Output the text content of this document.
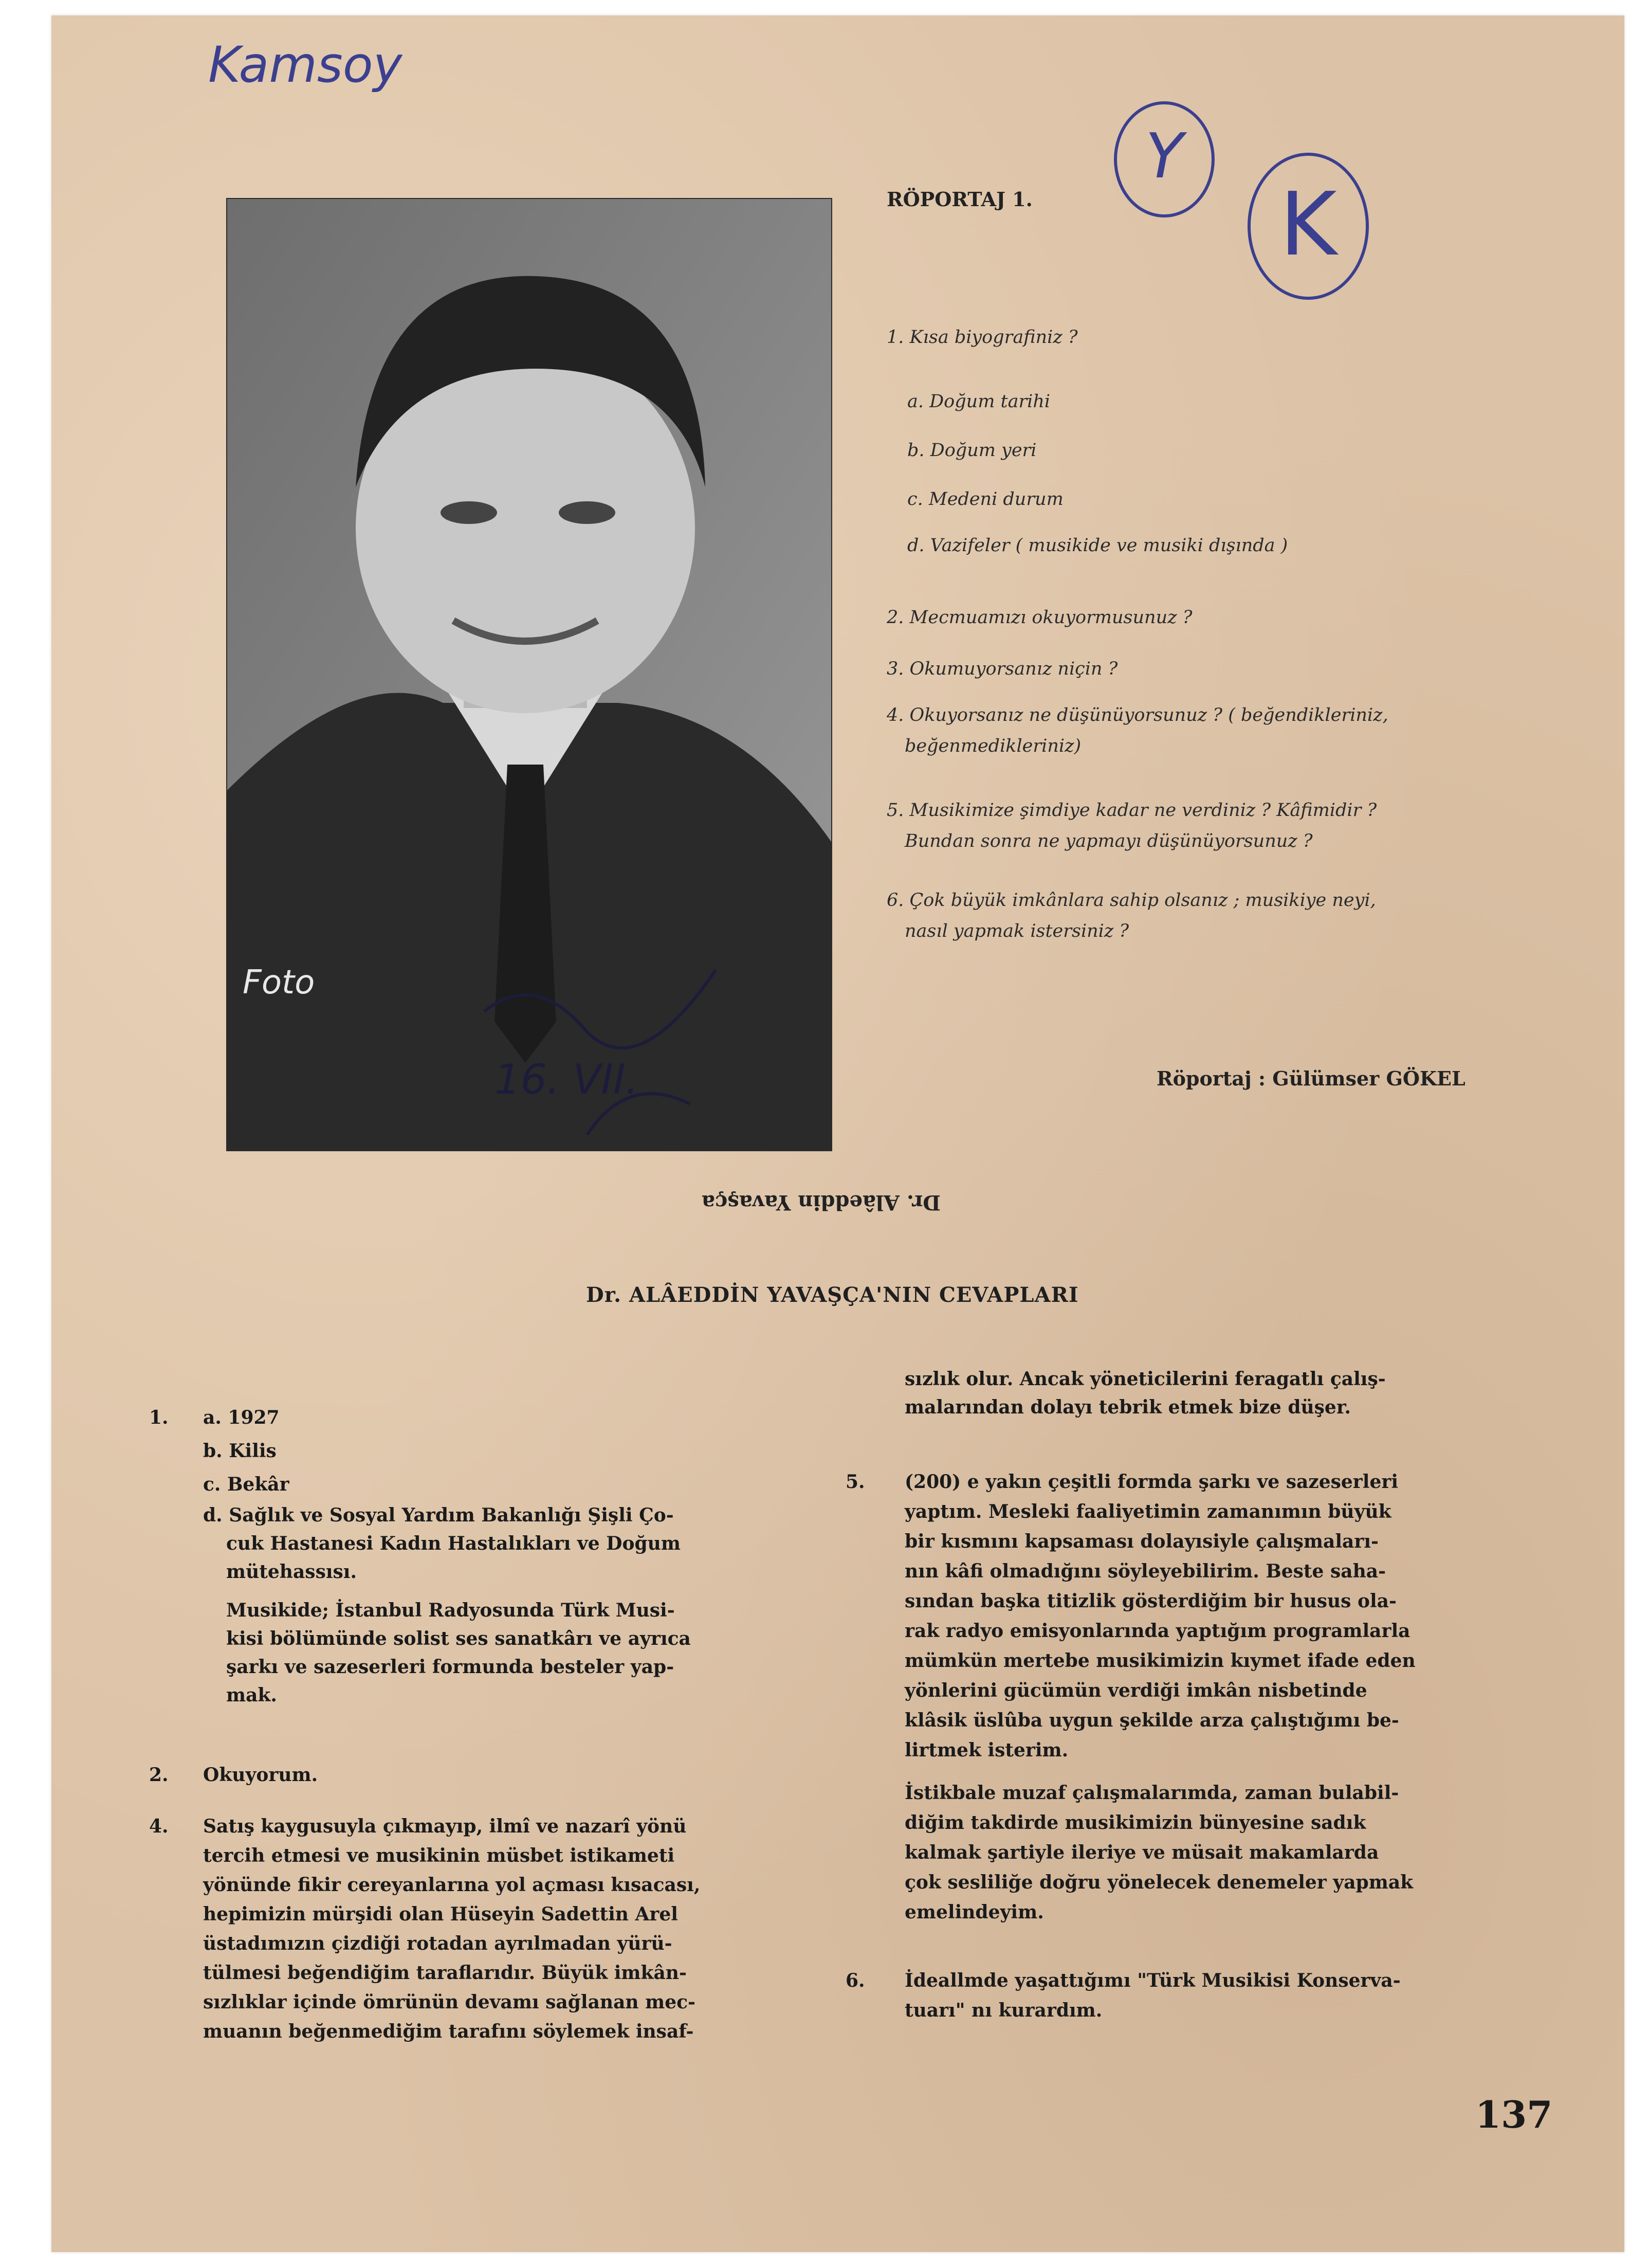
Kamsoy
Y
K
16. VII.
Foto
RÖPORTAJ 1.
1. Kısa biyografiniz ?
a. Doğum tarihi
b. Doğum yeri
c. Medeni durum
d. Vazifeler ( musikide ve musiki dışında )
2. Mecmuamızı okuyormusunuz ?
3. Okumuyorsanız niçin ?
4. Okuyorsanız ne düşünüyorsunuz ? ( beğendikleriniz,
beğenmedikleriniz)
5. Musikimize şimdiye kadar ne verdiniz ? Kâfimidir ?
Bundan sonra ne yapmayı düşünüyorsunuz ?
6. Çok büyük imkânlara sahip olsanız ; musikiye neyi,
nasıl yapmak istersiniz ?
Röportaj : Gülümser GÖKEL
Dr. Alâeddin Yavaşça
Dr. ALÂEDDİN YAVAŞÇA'NIN CEVAPLARI
1. a. 1927
b. Kilis
c. Bekâr
d. Sağlık ve Sosyal Yardım Bakanlığı Şişli Ço-
cuk Hastanesi Kadın Hastalıkları ve Doğum
mütehassısı.
Musikide; İstanbul Radyosunda Türk Musi-
kisi bölümünde solist ses sanatkârı ve ayrıca
şarkı ve sazeserleri formunda besteler yap-
mak.
2. Okuyorum.
4. Satış kaygusuyla çıkmayıp, ilmî ve nazarî yönü
tercih etmesi ve musikinin müsbet istikameti
yönünde fikir cereyanlarına yol açması kısacası,
hepimizin mürşidi olan Hüseyin Sadettin Arel
üstadımızın çizdiği rotadan ayrılmadan yürü-
tülmesi beğendiğim taraflarıdır. Büyük imkân-
sızlıklar içinde ömrünün devamı sağlanan mec-
muanın beğenmediğim tarafını söylemek insaf-
sızlık olur. Ancak yöneticilerini feragatlı çalış-
malarından dolayı tebrik etmek bize düşer.
5. (200) e yakın çeşitli formda şarkı ve sazeserleri
yaptım. Mesleki faaliyetimin zamanımın büyük
bir kısmını kapsaması dolayısiyle çalışmaları-
nın kâfi olmadığını söyleyebilirim. Beste saha-
sından başka titizlik gösterdiğim bir husus ola-
rak radyo emisyonlarında yaptığım programlarla
mümkün mertebe musikimizin kıymet ifade eden
yönlerini gücümün verdiği imkân nisbetinde
klâsik üslûba uygun şekilde arza çalıştığımı be-
lirtmek isterim.
İstikbale muzaf çalışmalarımda, zaman bulabil-
diğim takdirde musikimizin bünyesine sadık
kalmak şartiyle ileriye ve müsait makamlarda
çok sesliliğe doğru yönelecek denemeler yapmak
emelindeyim.
6. İdeallmde yaşattığımı "Türk Musikisi Konserva-
tuarı" nı kurardım.
137
